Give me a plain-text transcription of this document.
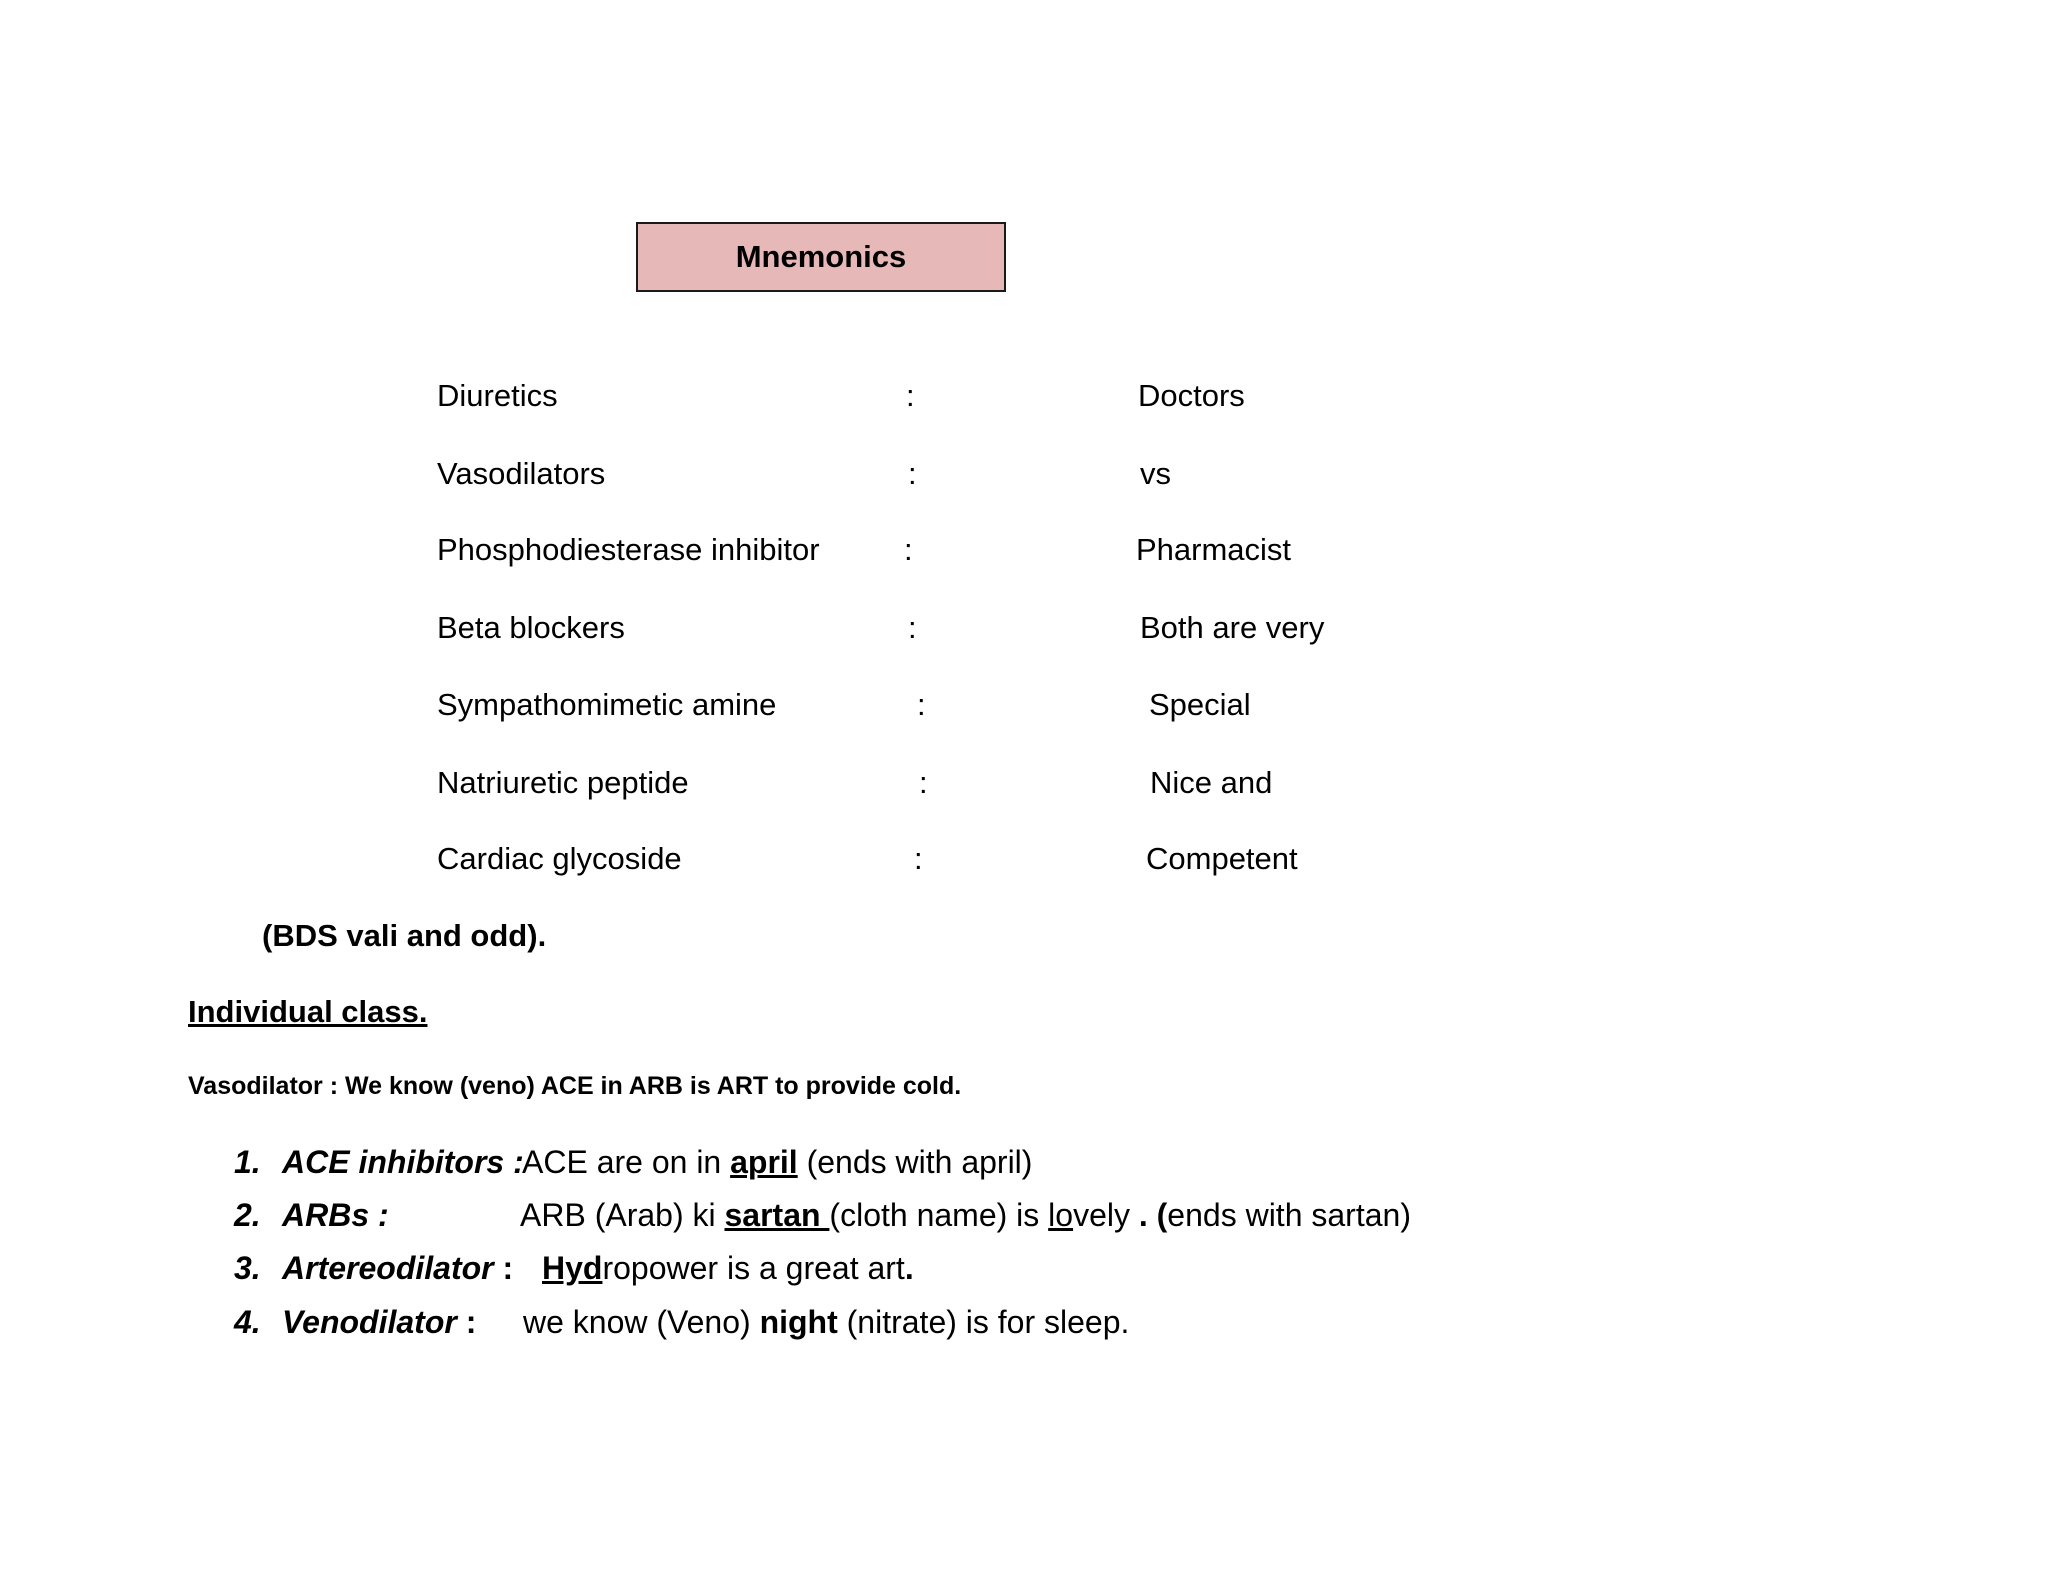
Mnemonics
Diuretics	:	Doctors
Vasodilators	:	vs
Phosphodiesterase inhibitor	:	Pharmacist
Beta blockers	:	Both are very
Sympathomimetic amine	:	Special
Natriuretic peptide	:	Nice and
Cardiac glycoside	:	Competent
(BDS vali and odd).
Individual class.
Vasodilator : We know (veno) ACE in ARB is ART to provide cold.
1. ACE inhibitors :
ACE are on in april (ends with april)
2. ARBs :	ARB (Arab) ki sartan (cloth name) is lovely . (ends with sartan)
3. Artereodilator : Hydropower is a great art.
4. Venodilator : we know (Veno) night (nitrate) is for sleep.
